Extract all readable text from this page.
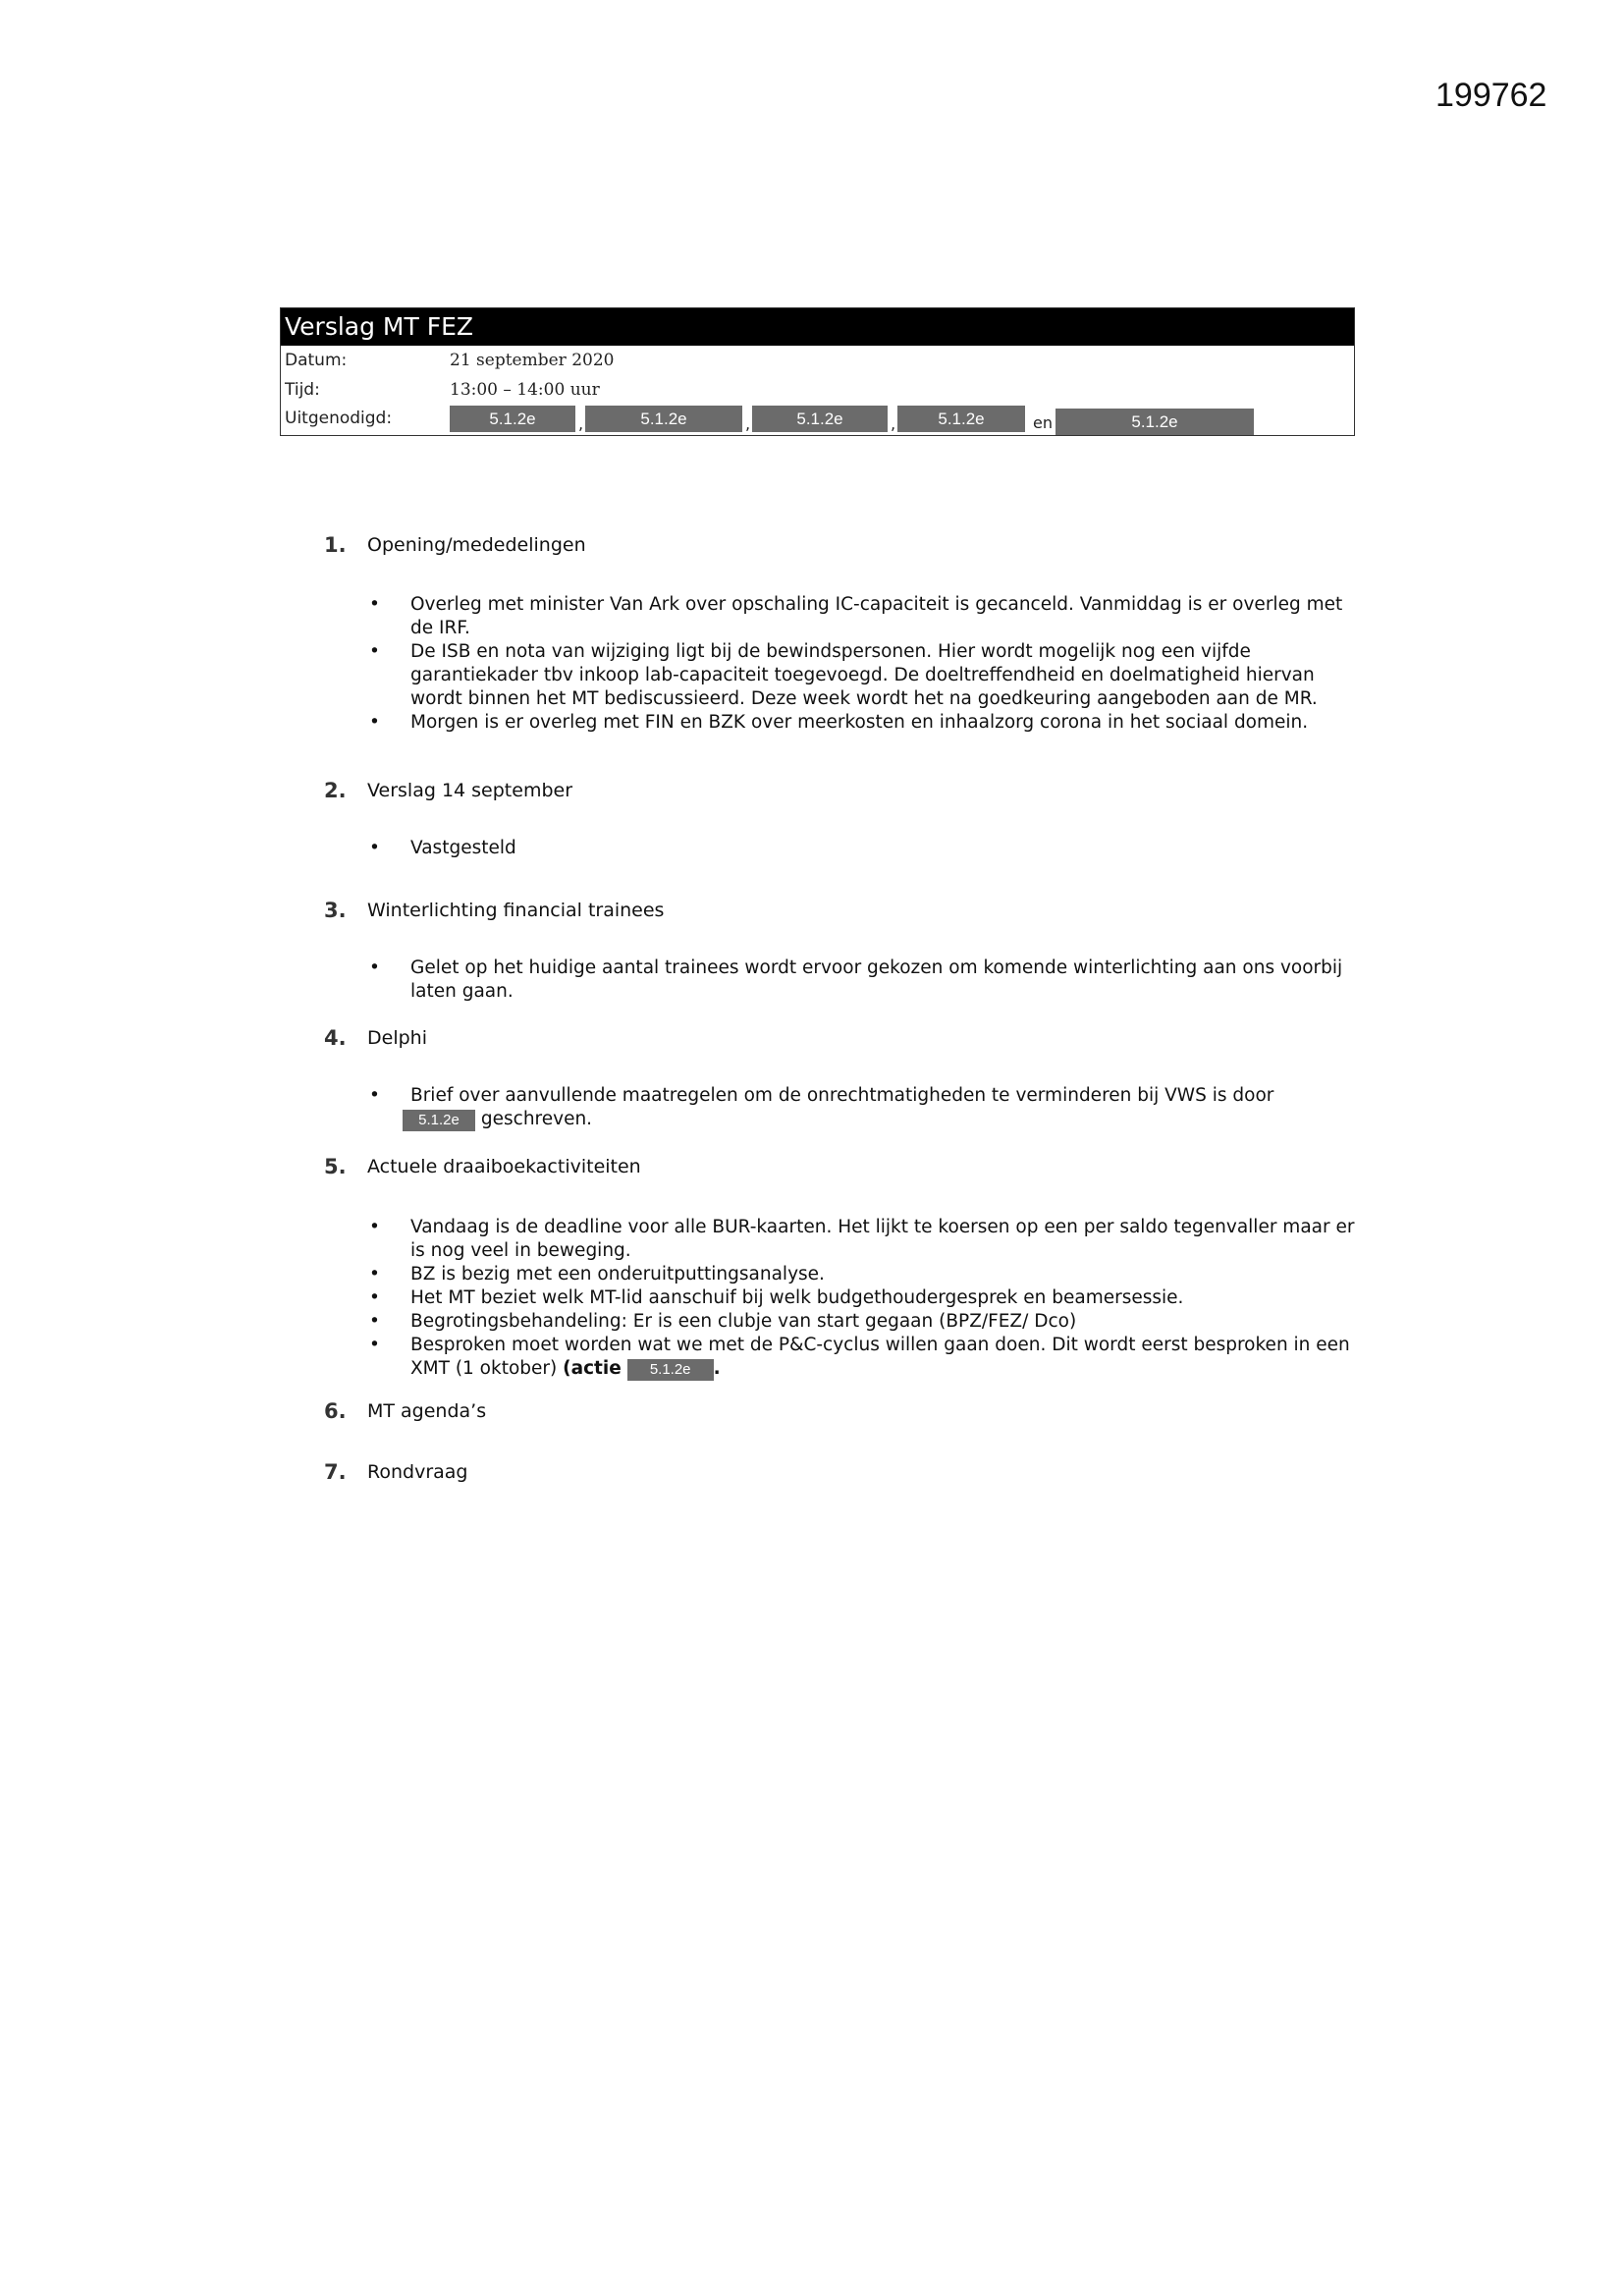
199762
Verslag MT FEZ
Datum:	21 september 2020
Tijd:	13:00 – 14:00 uur
Uitgenodigd:	5.1.2e	,	5.1.2e	,	5.1.2e	,	5.1.2e	en	5.1.2e
1. Opening/mededelingen
• Overleg met minister Van Ark over opschaling IC-capaciteit is gecanceld. Vanmiddag is er overleg met de IRF.
• De ISB en nota van wijziging ligt bij de bewindspersonen. Hier wordt mogelijk nog een vijfde garantiekader tbv inkoop lab-capaciteit toegevoegd. De doeltreffendheid en doelmatigheid hiervan wordt binnen het MT bediscussieerd. Deze week wordt het na goedkeuring aangeboden aan de MR.
• Morgen is er overleg met FIN en BZK over meerkosten en inhaalzorg corona in het sociaal domein.
2. Verslag 14 september
• Vastgesteld
3. Winterlichting financial trainees
• Gelet op het huidige aantal trainees wordt ervoor gekozen om komende winterlichting aan ons voorbij laten gaan.
4. Delphi
• Brief over aanvullende maatregelen om de onrechtmatigheden te verminderen bij VWS is door
5.1.2e geschreven.
5. Actuele draaiboekactiviteiten
• Vandaag is de deadline voor alle BUR-kaarten. Het lijkt te koersen op een per saldo tegenvaller maar er is nog veel in beweging.
• BZ is bezig met een onderuitputtingsanalyse.
• Het MT beziet welk MT-lid aanschuif bij welk budgethoudergesprek en beamersessie.
• Begrotingsbehandeling: Er is een clubje van start gegaan (BPZ/FEZ/ Dco)
• Besproken moet worden wat we met de P&C-cyclus willen gaan doen. Dit wordt eerst besproken in een XMT (1 oktober) (actie 5.1.2e .
6. MT agenda’s
7. Rondvraag
